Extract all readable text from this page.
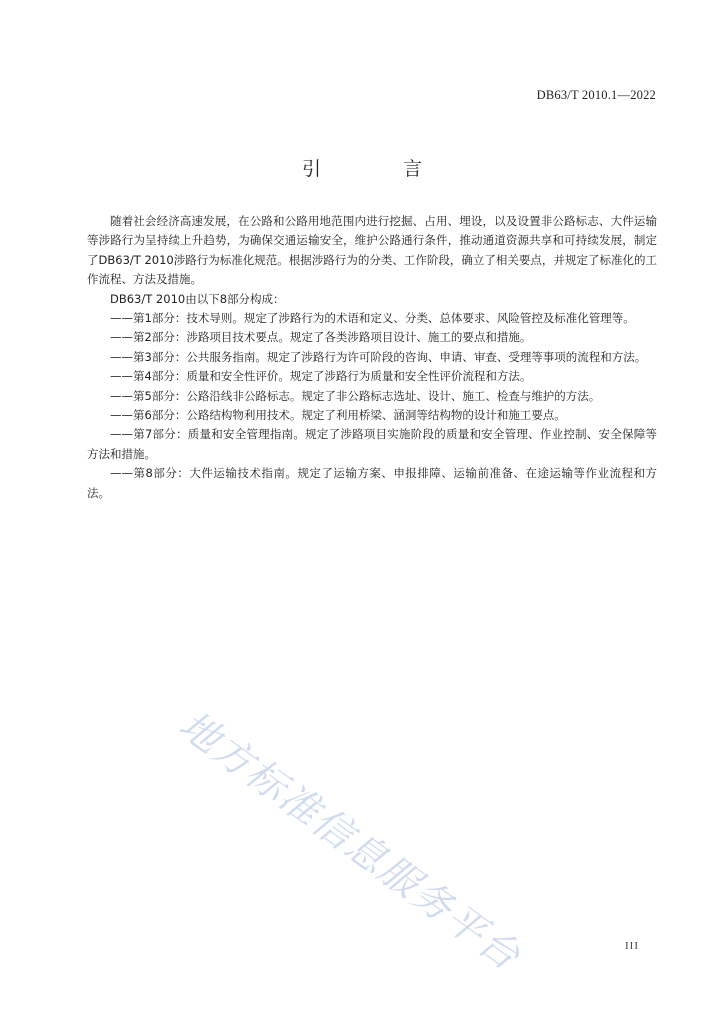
DB63/T 2010.1—2022
引 言

随着社会经济高速发展，在公路和公路用地范围内进行挖掘、占用、埋设，以及设置非公路标志、大件运输等涉路行为呈持续上升趋势，为确保交通运输安全，维护公路通行条件，推动通道资源共享和可持续发展，制定了DB63/T 2010涉路行为标准化规范。根据涉路行为的分类、工作阶段，确立了相关要点，并规定了标准化的工作流程、方法及措施。

DB63/T 2010由以下8部分构成：

——第1部分：技术导则。规定了涉路行为的术语和定义、分类、总体要求、风险管控及标准化管理等。

——第2部分：涉路项目技术要点。规定了各类涉路项目设计、施工的要点和措施。

——第3部分：公共服务指南。规定了涉路行为许可阶段的咨询、申请、审查、受理等事项的流程和方法。

——第4部分：质量和安全性评价。规定了涉路行为质量和安全性评价流程和方法。

——第5部分：公路沿线非公路标志。规定了非公路标志选址、设计、施工、检查与维护的方法。

——第6部分：公路结构物利用技术。规定了利用桥梁、涵洞等结构物的设计和施工要点。

——第7部分：质量和安全管理指南。规定了涉路项目实施阶段的质量和安全管理、作业控制、安全保障等方法和措施。

——第8部分：大件运输技术指南。规定了运输方案、申报排障、运输前准备、在途运输等作业流程和方法。

地方标准信息服务平台	III
